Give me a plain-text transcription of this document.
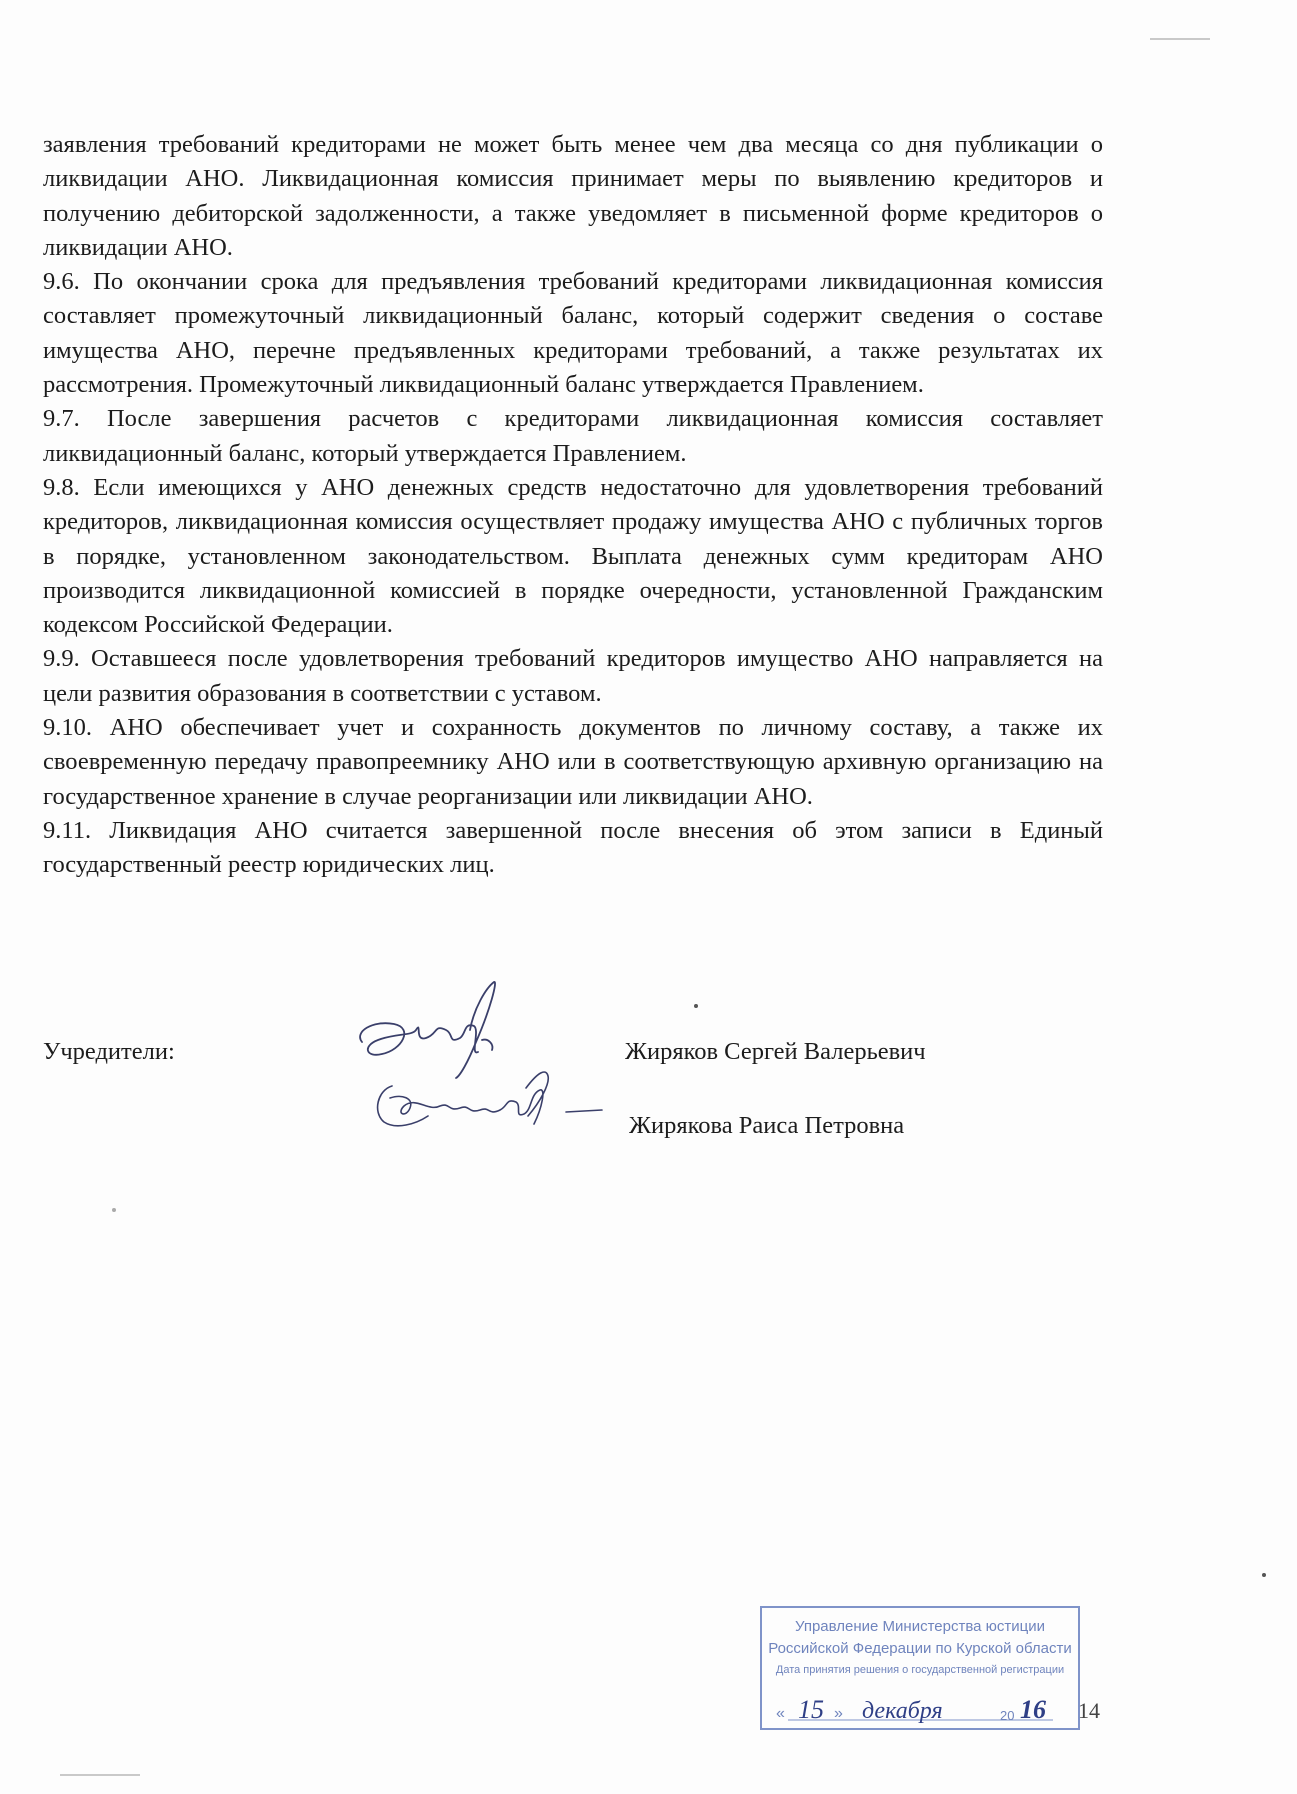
заявления требований кредиторами не может быть менее чем два месяца со дня публикации о ликвидации АНО. Ликвидационная комиссия принимает меры по выявлению кредиторов и получению дебиторской задолженности, а также уведомляет в письменной форме кредиторов о ликвидации АНО.

9.6. По окончании срока для предъявления требований кредиторами ликвидационная комиссия составляет промежуточный ликвидационный баланс, который содержит сведения о составе имущества АНО, перечне предъявленных кредиторами требований, а также результатах их рассмотрения. Промежуточный ликвидационный баланс утверждается Правлением.

9.7. После завершения расчетов с кредиторами ликвидационная комиссия составляет ликвидационный баланс, который утверждается Правлением.

9.8. Если имеющихся у АНО денежных средств недостаточно для удовлетворения требований кредиторов, ликвидационная комиссия осуществляет продажу имущества АНО с публичных торгов в порядке, установленном законодательством. Выплата денежных сумм кредиторам АНО производится ликвидационной комиссией в порядке очередности, установленной Гражданским кодексом Российской Федерации.

9.9. Оставшееся после удовлетворения требований кредиторов имущество АНО направляется на цели развития образования в соответствии с уставом.

9.10. АНО обеспечивает учет и сохранность документов по личному составу, а также их своевременную передачу правопреемнику АНО или в соответствующую архивную организацию на государственное хранение в случае реорганизации или ликвидации АНО.

9.11. Ликвидация АНО считается завершенной после внесения об этом записи в Единый государственный реестр юридических лиц.

Учредители:	Жиряков Сергей Валерьевич
Жирякова Раиса Петровна
Управление Министерства юстиции
Российской Федерации по Курской области
Дата принятия решения о государственной регистрации
« 15 » декабря	20 16 14
